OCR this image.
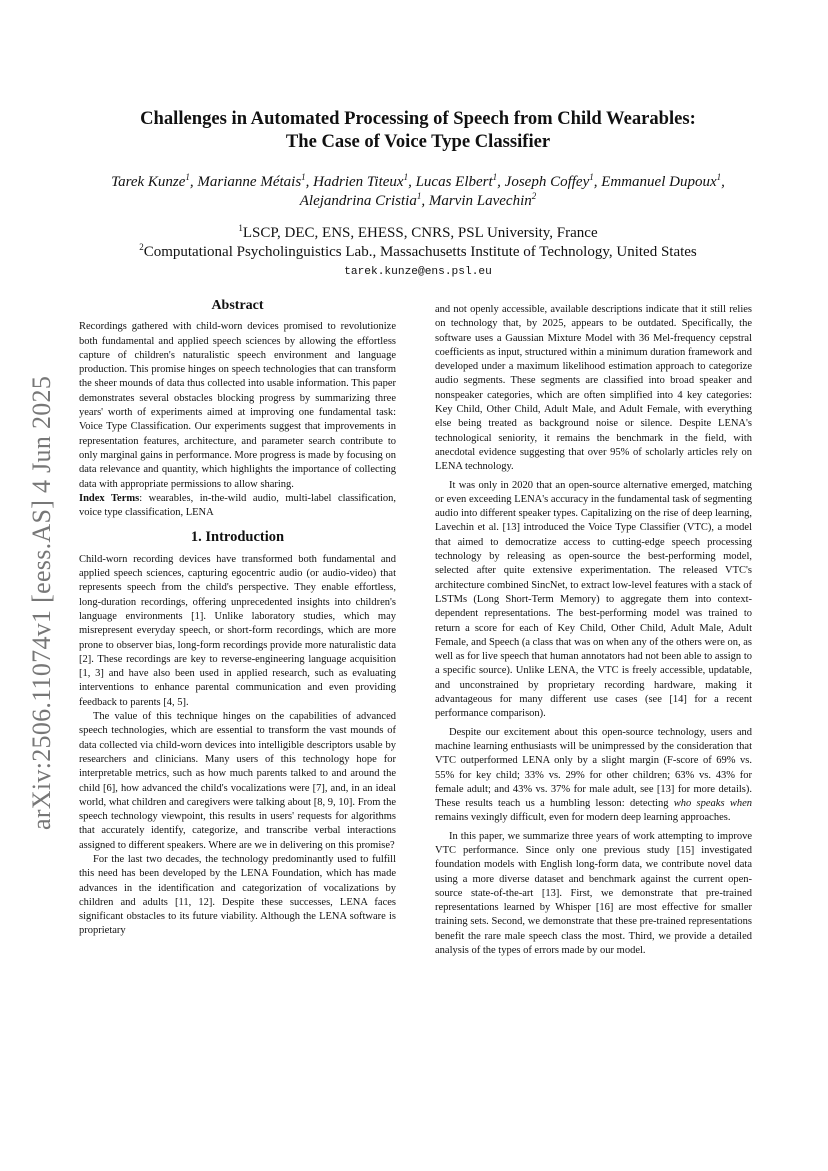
arXiv:2506.11074v1 [eess.AS] 4 Jun 2025
Challenges in Automated Processing of Speech from Child Wearables:
The Case of Voice Type Classifier
Tarek Kunze$^1$, Marianne Métais$^1$, Hadrien Titeux$^1$, Lucas Elbert$^1$, Joseph Coffey$^1$, Emmanuel Dupoux$^1$, Alejandrina Cristia$^1$, Marvin Lavechin$^2$
$^1$LSCP, DEC, ENS, EHESS, CNRS, PSL University, France
$^2$Computational Psycholinguistics Lab., Massachusetts Institute of Technology, United States
tarek.kunze@ens.psl.eu
Abstract

Recordings gathered with child-worn devices promised to revolutionize both fundamental and applied speech sciences by allowing the effortless capture of children's naturalistic speech environment and language production. This promise hinges on speech technologies that can transform the sheer mounds of data thus collected into usable information. This paper demonstrates several obstacles blocking progress by summarizing three years' worth of experiments aimed at improving one fundamental task: Voice Type Classification. Our experiments suggest that improvements in representation features, architecture, and parameter search contribute to only marginal gains in performance. More progress is made by focusing on data relevance and quantity, which highlights the importance of collecting data with appropriate permissions to allow sharing.

Index Terms: wearables, in-the-wild audio, multi-label classification, voice type classification, LENA

1. Introduction

Child-worn recording devices have transformed both fundamental and applied speech sciences, capturing egocentric audio (or audio-video) that represents speech from the child's perspective. They enable effortless, long-duration recordings, offering unprecedented insights into children's language environments [1]. Unlike laboratory studies, which may misrepresent everyday speech, or short-form recordings, which are more prone to observer bias, long-form recordings provide more naturalistic data [2]. These recordings are key to reverse-engineering language acquisition [1, 3] and have also been used in applied research, such as evaluating interventions to enhance parental communication and even providing feedback to parents [4, 5].

The value of this technique hinges on the capabilities of advanced speech technologies, which are essential to transform the vast mounds of data collected via child-worn devices into intelligible descriptors usable by researchers and clinicians. Many users of this technology hope for interpretable metrics, such as how much parents talked to and around the child [6], how advanced the child's vocalizations were [7], and, in an ideal world, what children and caregivers were talking about [8, 9, 10]. From the speech technology viewpoint, this results in users' requests for algorithms that accurately identify, categorize, and transcribe verbal interactions assigned to different speakers. Where are we in delivering on this promise?

For the last two decades, the technology predominantly used to fulfill this need has been developed by the LENA Foundation, which has made advances in the identification and categorization of vocalizations by children and adults [11, 12]. Despite these successes, LENA faces significant obstacles to its future viability. Although the LENA software is proprietary

and not openly accessible, available descriptions indicate that it still relies on technology that, by 2025, appears to be outdated. Specifically, the software uses a Gaussian Mixture Model with 36 Mel-frequency cepstral coefficients as input, structured within a minimum duration framework and developed under a maximum likelihood estimation approach to categorize audio segments. These segments are classified into broad speaker and nonspeaker categories, which are often simplified into 4 key categories: Key Child, Other Child, Adult Male, and Adult Female, with everything else being treated as background noise or silence. Despite LENA's technological seniority, it remains the benchmark in the field, with anecdotal evidence suggesting that over 95% of scholarly articles rely on LENA technology.

It was only in 2020 that an open-source alternative emerged, matching or even exceeding LENA's accuracy in the fundamental task of segmenting audio into different speaker types. Capitalizing on the rise of deep learning, Lavechin et al. [13] introduced the Voice Type Classifier (VTC), a model that aimed to democratize access to cutting-edge speech processing technology by releasing as open-source the best-performing model, selected after quite extensive experimentation. The released VTC's architecture combined SincNet, to extract low-level features with a stack of LSTMs (Long Short-Term Memory) to aggregate them into context-dependent representations. The best-performing model was trained to return a score for each of Key Child, Other Child, Adult Male, Adult Female, and Speech (a class that was on when any of the others were on, as well as for live speech that human annotators had not been able to assign to a specific source). Unlike LENA, the VTC is freely accessible, updatable, and unconstrained by proprietary recording hardware, making it advantageous for many different use cases (see [14] for a recent performance comparison).

Despite our excitement about this open-source technology, users and machine learning enthusiasts will be unimpressed by the consideration that VTC outperformed LENA only by a slight margin (F-score of 69% vs. 55% for key child; 33% vs. 29% for other children; 63% vs. 43% for female adult; and 43% vs. 37% for male adult, see [13] for more details). These results teach us a humbling lesson: detecting who speaks when remains vexingly difficult, even for modern deep learning approaches.

In this paper, we summarize three years of work attempting to improve VTC performance. Since only one previous study [15] investigated foundation models with English long-form data, we contribute novel data using a more diverse dataset and benchmark against the current open-source state-of-the-art [13]. First, we demonstrate that pre-trained representations learned by Whisper [16] are most effective for smaller training sets. Second, we demonstrate that these pre-trained representations benefit the rare male speech class the most. Third, we provide a detailed analysis of the types of errors made by our model.
